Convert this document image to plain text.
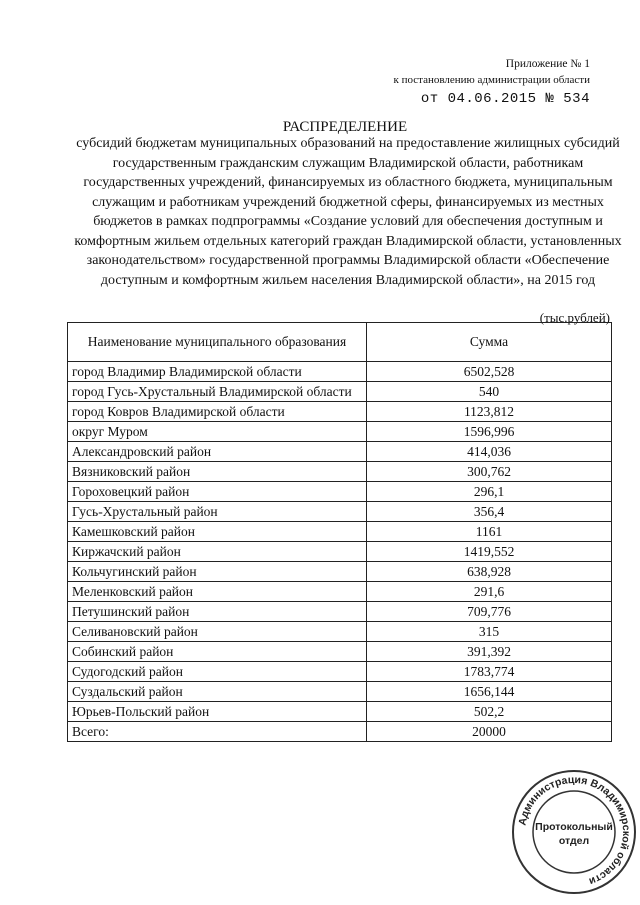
Приложение № 1
к постановлению администрации области
от 04.06.2015 № 534
РАСПРЕДЕЛЕНИЕ
субсидий бюджетам муниципальных образований на предоставление жилищных субсидий государственным гражданским служащим Владимирской области, работникам государственных учреждений, финансируемых из областного бюджета, муниципальным служащим и работникам учреждений бюджетной сферы, финансируемых из местных бюджетов в рамках подпрограммы «Создание условий для обеспечения доступным и комфортным жильем отдельных категорий граждан Владимирской области, установленных законодательством» государственной программы Владимирской области «Обеспечение доступным и комфортным жильем населения Владимирской области», на 2015 год
(тыс.рублей)
Наименование муниципального образования	Сумма
город Владимир Владимирской области	6502,528
город Гусь-Хрустальный Владимирской области	540
город Ковров Владимирской области	1123,812
округ Муром	1596,996
Александровский район	414,036
Вязниковский район	300,762
Гороховецкий район	296,1
Гусь-Хрустальный район	356,4
Камешковский район	1161
Киржачский район	1419,552
Кольчугинский район	638,928
Меленковский район	291,6
Петушинский район	709,776
Селивановский район	315
Собинский район	391,392
Судогодский район	1783,774
Суздальский район	1656,144
Юрьев-Польский район	502,2
Всего:	20000
Администрация Владимирской области
Протокольный
отдел
